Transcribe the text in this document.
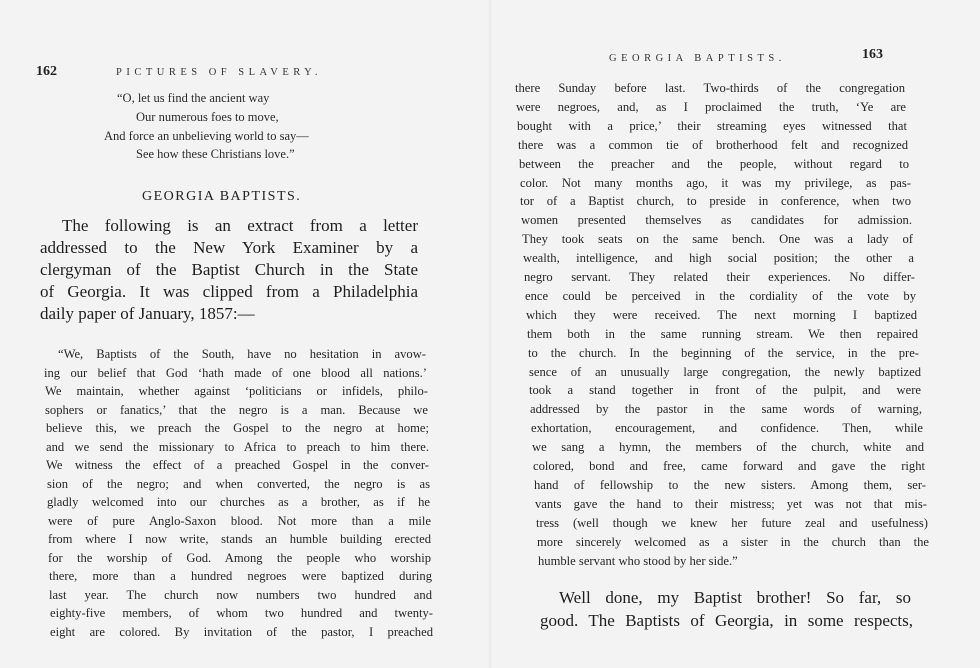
162	PICTURES OF SLAVERY.
“O, let us find the ancient way
Our numerous foes to move,
And force an unbelieving world to say—
See how these Christians love.”
GEORGIA BAPTISTS.
The following is an extract from a letter
addressed to the New York Examiner by a
clergyman of the Baptist Church in the State
of Georgia. It was clipped from a Philadelphia
daily paper of January, 1857:—
“We, Baptists of the South, have no hesitation in avow-
ing our belief that God ‘hath made of one blood all nations.’
We maintain, whether against ‘politicians or infidels, philo-
sophers or fanatics,’ that the negro is a man. Because we
believe this, we preach the Gospel to the negro at home;
and we send the missionary to Africa to preach to him there.
We witness the effect of a preached Gospel in the conver-
sion of the negro; and when converted, the negro is as
gladly welcomed into our churches as a brother, as if he
were of pure Anglo-Saxon blood. Not more than a mile
from where I now write, stands an humble building erected
for the worship of God. Among the people who worship
there, more than a hundred negroes were baptized during
last year. The church now numbers two hundred and
eighty-five members, of whom two hundred and twenty-
eight are colored. By invitation of the pastor, I preached
GEORGIA BAPTISTS.	163
there Sunday before last. Two-thirds of the congregation
were negroes, and, as I proclaimed the truth, ‘Ye are
bought with a price,’ their streaming eyes witnessed that
there was a common tie of brotherhood felt and recognized
between the preacher and the people, without regard to
color. Not many months ago, it was my privilege, as pas-
tor of a Baptist church, to preside in conference, when two
women presented themselves as candidates for admission.
They took seats on the same bench. One was a lady of
wealth, intelligence, and high social position; the other a
negro servant. They related their experiences. No differ-
ence could be perceived in the cordiality of the vote by
which they were received. The next morning I baptized
them both in the same running stream. We then repaired
to the church. In the beginning of the service, in the pre-
sence of an unusually large congregation, the newly baptized
took a stand together in front of the pulpit, and were
addressed by the pastor in the same words of warning,
exhortation, encouragement, and confidence. Then, while
we sang a hymn, the members of the church, white and
colored, bond and free, came forward and gave the right
hand of fellowship to the new sisters. Among them, ser-
vants gave the hand to their mistress; yet was not that mis-
tress (well though we knew her future zeal and usefulness)
more sincerely welcomed as a sister in the church than the
humble servant who stood by her side.”
Well done, my Baptist brother! So far, so
good. The Baptists of Georgia, in some respects,
